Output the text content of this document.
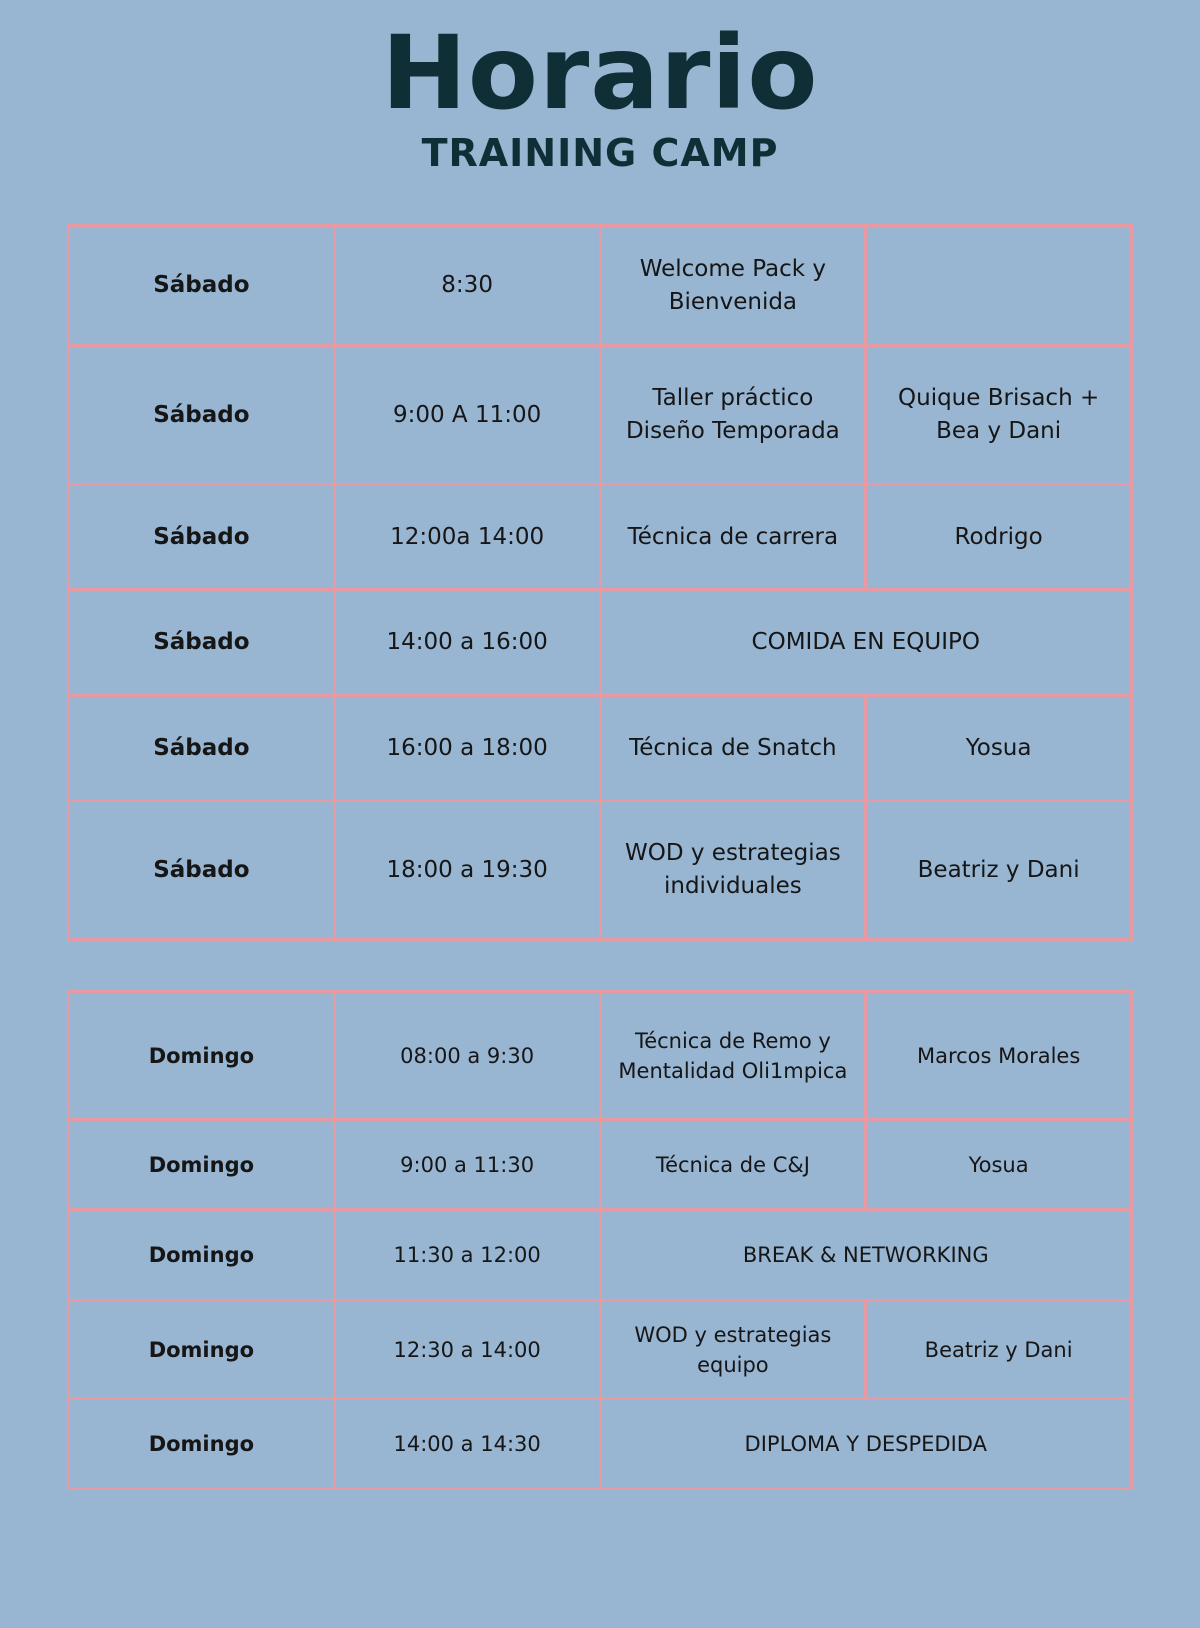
Horario
TRAINING CAMP
Sábado	8:30	Welcome Pack y Bienvenida	
Sábado	9:00 A 11:00	Taller práctico Diseño Temporada	Quique Brisach + Bea y Dani
Sábado	12:00a 14:00	Técnica de carrera	Rodrigo
Sábado	14:00 a 16:00	COMIDA EN EQUIPO	
Sábado	16:00 a 18:00	Técnica de Snatch	Yosua
Sábado	18:00 a 19:30	WOD y estrategias individuales	Beatriz y Dani
Domingo	08:00 a 9:30	Técnica de Remo y Mentalidad Oli1mpica	Marcos Morales
Domingo	9:00 a 11:30	Técnica de C&J	Yosua
Domingo	11:30 a 12:00	BREAK & NETWORKING	
Domingo	12:30 a 14:00	WOD y estrategias equipo	Beatriz y Dani
Domingo	14:00 a 14:30	DIPLOMA Y DESPEDIDA	
